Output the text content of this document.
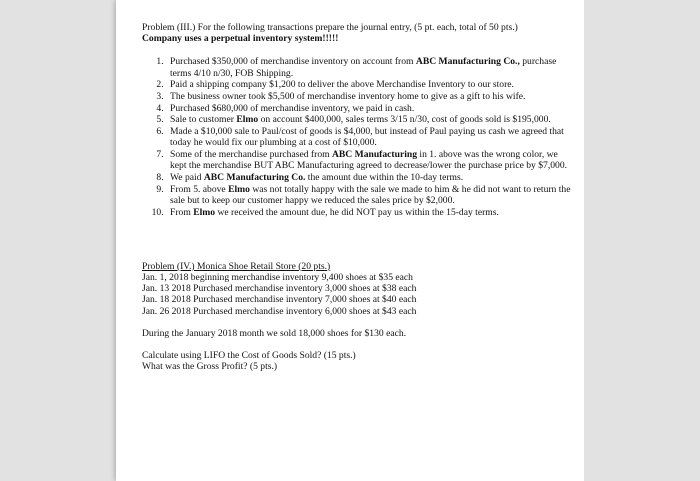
Problem (III.) For the following transactions prepare the journal entry, (5 pt. each, total of 50 pts.)
Company uses a perpetual inventory system!!!!!
1. Purchased $350,000 of merchandise inventory on account from ABC Manufacturing Co., purchase terms 4/10 n/30, FOB Shipping.
2. Paid a shipping company $1,200 to deliver the above Merchandise Inventory to our store.
3. The business owner took $5,500 of merchandise inventory home to give as a gift to his wife.
4. Purchased $680,000 of merchandise inventory, we paid in cash.
5. Sale to customer Elmo on account $400,000, sales terms 3/15 n/30, cost of goods sold is $195,000.
6. Made a $10,000 sale to Paul/cost of goods is $4,000, but instead of Paul paying us cash we agreed that today he would fix our plumbing at a cost of $10,000.
7. Some of the merchandise purchased from ABC Manufacturing in 1. above was the wrong color, we kept the merchandise BUT ABC Manufacturing agreed to decrease/lower the purchase price by $7,000.
8. We paid ABC Manufacturing Co. the amount due within the 10-day terms.
9. From 5. above Elmo was not totally happy with the sale we made to him & he did not want to return the sale but to keep our customer happy we reduced the sales price by $2,000.
10. From Elmo we received the amount due, he did NOT pay us within the 15-day terms.

Problem (IV.) Monica Shoe Retail Store (20 pts.)

Jan. 1, 2018 beginning merchandise inventory 9,400 shoes at $35 each

Jan. 13 2018 Purchased merchandise inventory 3,000 shoes at $38 each

Jan. 18 2018 Purchased merchandise inventory 7,000 shoes at $40 each

Jan. 26 2018 Purchased merchandise inventory 6,000 shoes at $43 each

During the January 2018 month we sold 18,000 shoes for $130 each.

Calculate using LIFO the Cost of Goods Sold? (15 pts.)

What was the Gross Profit? (5 pts.)
